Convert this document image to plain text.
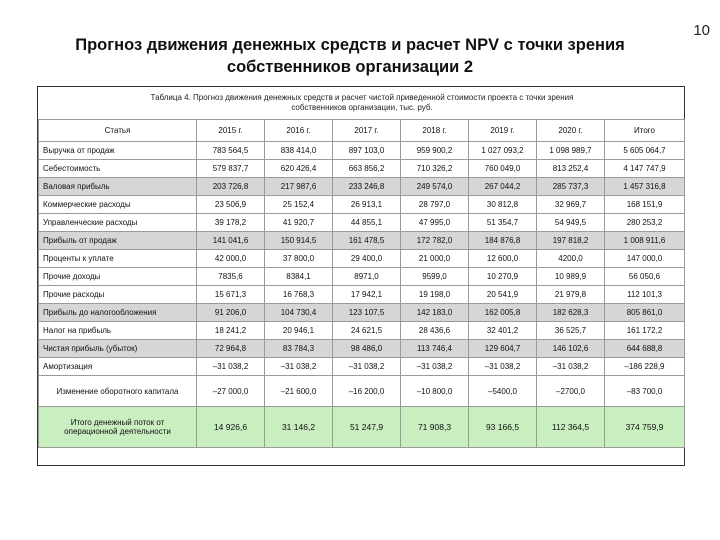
10
Прогноз движения денежных средств и расчет NPV с точки зрения
собственников организации 2
Таблица 4. Прогноз движения денежных средств и расчет чистой приведенной стоимости проекта с точки зрения
собственников организации, тыс. руб.
Статья	2015 г.	2016 г.	2017 г.	2018 г.	2019 г.	2020 г.	Итого
Выручка от продаж	783 564,5	838 414,0	897 103,0	959 900,2	1 027 093,2	1 098 989,7	5 605 064,7
Себестоимость	579 837,7	620 426,4	663 856,2	710 326,2	760 049,0	813 252,4	4 147 747,9
Валовая прибыль	203 726,8	217 987,6	233 246,8	249 574,0	267 044,2	285 737,3	1 457 316,8
Коммерческие расходы	23 506,9	25 152,4	26 913,1	28 797,0	30 812,8	32 969,7	168 151,9
Управленческие расходы	39 178,2	41 920,7	44 855,1	47 995,0	51 354,7	54 949,5	280 253,2
Прибыль от продаж	141 041,6	150 914,5	161 478,5	172 782,0	184 876,8	197 818,2	1 008 911,6
Проценты к уплате	42 000,0	37 800,0	29 400,0	21 000,0	12 600,0	4200,0	147 000,0
Прочие доходы	7835,6	8384,1	8971,0	9599,0	10 270,9	10 989,9	56 050,6
Прочие расходы	15 671,3	16 768,3	17 942,1	19 198,0	20 541,9	21 979,8	112 101,3
Прибыль до налогообложения	91 206,0	104 730,4	123 107,5	142 183,0	162 005,8	182 628,3	805 861,0
Налог на прибыль	18 241,2	20 946,1	24 621,5	28 436,6	32 401,2	36 525,7	161 172,2
Чистая прибыль (убыток)	72 964,8	83 784,3	98 486,0	113 746,4	129 604,7	146 102,6	644 688,8
Амортизация	–31 038,2	–31 038,2	–31 038,2	–31 038,2	–31 038,2	–31 038,2	–186 228,9
Изменение оборотного капитала	–27 000,0	–21 600,0	–16 200,0	–10 800,0	–5400,0	–2700,0	–83 700,0
Итого денежный поток от операционной деятельности	14 926,6	31 146,2	51 247,9	71 908,3	93 166,5	112 364,5	374 759,9
